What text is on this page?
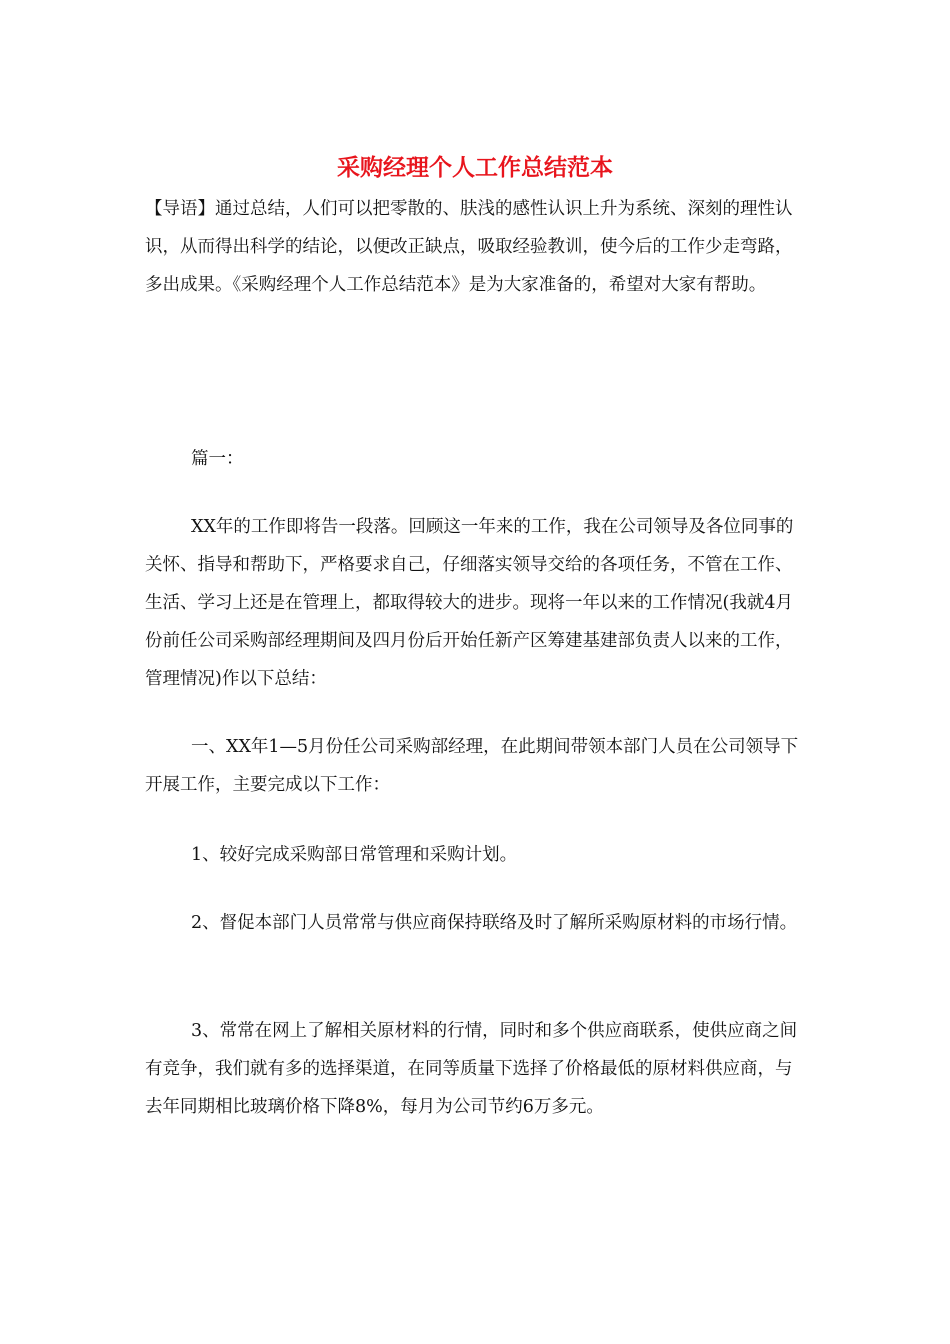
采购经理个人工作总结范本
【导语】通过总结，人们可以把零散的、肤浅的感性认识上升为系统、深刻的理性认识，从而得出科学的结论，以便改正缺点，吸取经验教训，使今后的工作少走弯路，多出成果。《采购经理个人工作总结范本》是为大家准备的，希望对大家有帮助。
篇一：
XX年的工作即将告一段落。回顾这一年来的工作，我在公司领导及各位同事的关怀、指导和帮助下，严格要求自己，仔细落实领导交给的各项任务，不管在工作、生活、学习上还是在管理上，都取得较大的进步。现将一年以来的工作情况(我就4月份前任公司采购部经理期间及四月份后开始任新产区筹建基建部负责人以来的工作，管理情况)作以下总结：
一、XX年1—5月份任公司采购部经理，在此期间带领本部门人员在公司领导下开展工作，主要完成以下工作：
1、较好完成采购部日常管理和采购计划。
2、督促本部门人员常常与供应商保持联络及时了解所采购原材料的市场行情。
3、常常在网上了解相关原材料的行情，同时和多个供应商联系，使供应商之间有竞争，我们就有多的选择渠道，在同等质量下选择了价格最低的原材料供应商，与去年同期相比玻璃价格下降8%，每月为公司节约6万多元。
